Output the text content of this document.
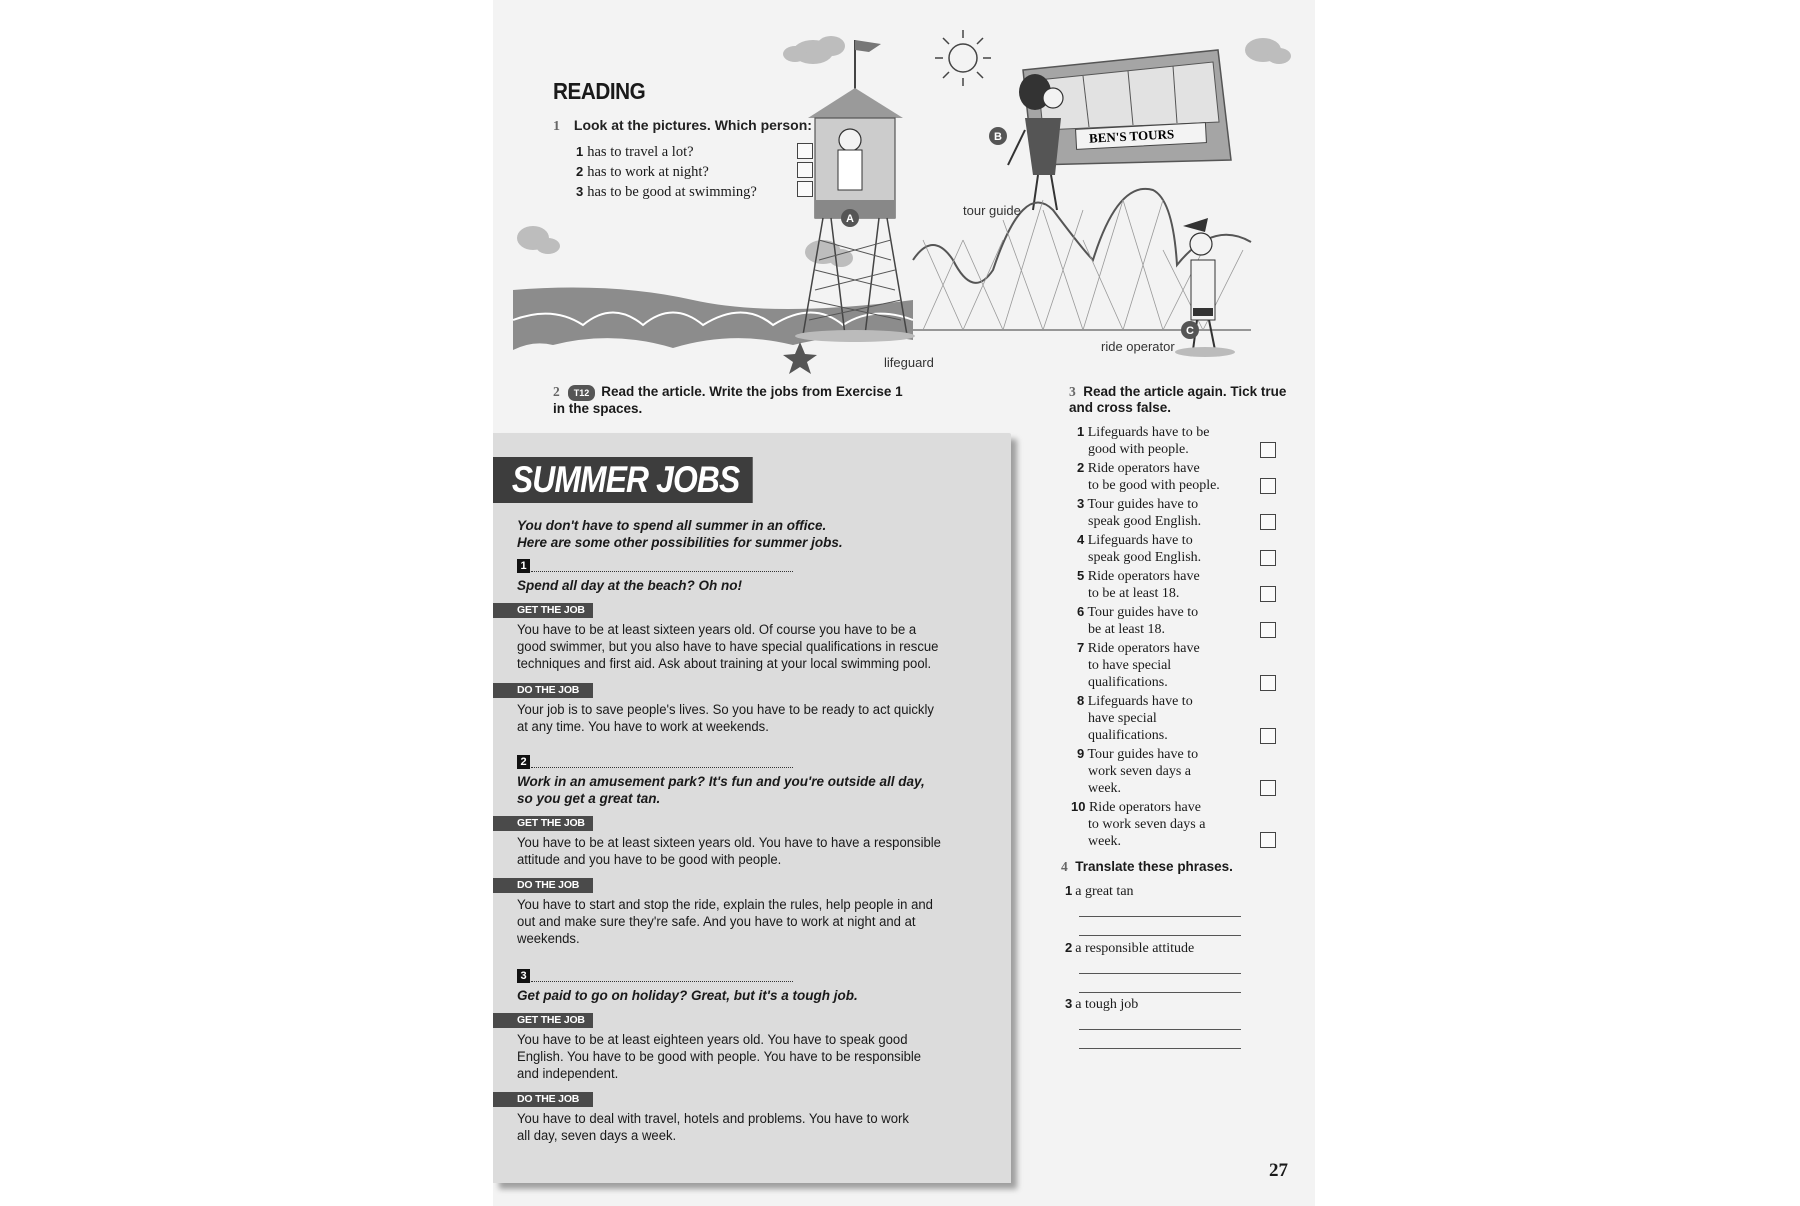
BEN'S TOURS
A
B
C
lifeguard
tour guide
ride operator
READING
1 Look at the pictures. Which person:
1 has to travel a lot?
2 has to work at night?
3 has to be good at swimming?
2 T12 Read the article. Write the jobs from Exercise 1 in the spaces.
SUMMER JOBS
You don't have to spend all summer in an office.
Here are some other possibilities for summer jobs.
1
Spend all day at the beach? Oh no!
GET THE JOB
You have to be at least sixteen years old. Of course you have to be a
good swimmer, but you also have to have special qualifications in rescue
techniques and first aid. Ask about training at your local swimming pool.
DO THE JOB
Your job is to save people's lives. So you have to be ready to act quickly
at any time. You have to work at weekends.
2
Work in an amusement park? It's fun and you're outside all day,
so you get a great tan.
GET THE JOB
You have to be at least sixteen years old. You have to have a responsible
attitude and you have to be good with people.
DO THE JOB
You have to start and stop the ride, explain the rules, help people in and
out and make sure they're safe. And you have to work at night and at
weekends.
3
Get paid to go on holiday? Great, but it's a tough job.
GET THE JOB
You have to be at least eighteen years old. You have to speak good
English. You have to be good with people. You have to be responsible
and independent.
DO THE JOB
You have to deal with travel, hotels and problems. You have to work
all day, seven days a week.
3 Read the article again. Tick true and cross false.
1 Lifeguards have to be
good with people.
2 Ride operators have
to be good with people.
3 Tour guides have to
speak good English.
4 Lifeguards have to
speak good English.
5 Ride operators have
to be at least 18.
6 Tour guides have to
be at least 18.
7 Ride operators have
to have special
qualifications.
8 Lifeguards have to
have special
qualifications.
9 Tour guides have to
work seven days a
week.
10 Ride operators have
to work seven days a
week.
4 Translate these phrases.
1 a great tan
2 a responsible attitude
3 a tough job
27
